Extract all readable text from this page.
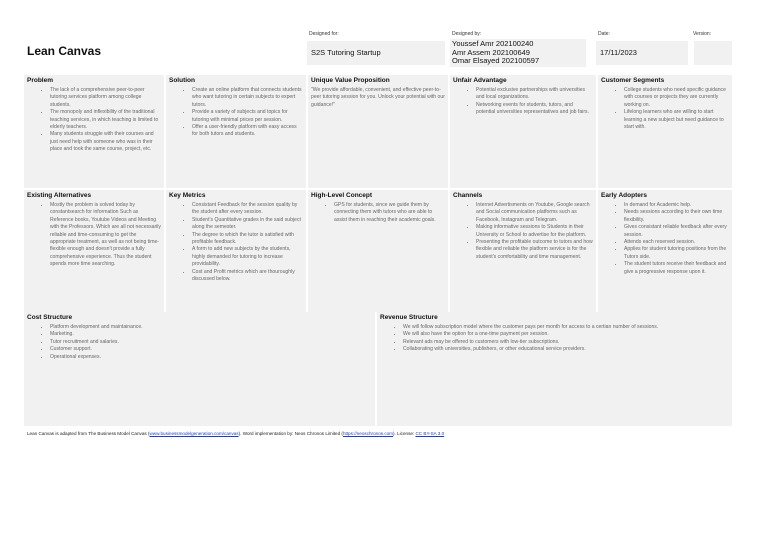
Lean Canvas
Designed for:
S2S Tutoring Startup
Designed by:
Youssef Amr 202100240
Amr Assem 202100649
Omar Elsayed 202100597
Date:
17/11/2023
Version:
Problem
• The lack of a comprehensive peer-to-peer tutoring services platform among college students.
• The monopoly and inflexibility of the traditional teaching services, in which teaching is limited to elderly teachers.
• Many students struggle with their courses and just need help with someone who was in their place and took the same course, project, etc.
Solution
• Create an online platform that connects students who want tutoring in certain subjects to expert tutors.
• Provide a variety of subjects and topics for tutoring with minimal prices per session.
• Offer a user-friendly platform with easy access for both tutors and students.
Unique Value Proposition

"We provide affordable, convenient, and effective peer-to-peer tutoring session for you. Unlock your potential with our guidance!"

Unfair Advantage
• Potential exclusive partnerships with universities and local organizations.
• Networking events for students, tutors, and potential universities representatives and job fairs.
Customer Segments
• College students who need specific guidance with courses or projects they are currently working on.
• Lifelong learners who are willing to start learning a new subject but need guidance to start with.
Existing Alternatives
• Mostly the problem is solved today by constantsearch for information Such as Reference books, Youtube Videos and Meeting with the Professors. Which are all not necessarily reliable and time-consuming to get the appropriate treatment, as well as not being time-flexible enough and doesn't provide a fully comprehensive experience. Thus the student spends more time searching.
Key Metrics
• Consistant Feedback for the session quality by the student after every session.
• Student's Quantitative grades in the said subject along the semester.
• The degree to which the tutor is satisfied with profitable feedback.
• A form to add new subjects by the students, highly demanded for tutoring to increase providability.
• Cost and Profit metrics which are thouroughly discussed below.
High-Level Concept
• GPS for students, since we guide them by connecting them with tutors who are able to assist them in reaching their academic goals.
Channels
• Internet Advertisments on Youtube, Google search and Social communication platforms such as Facebook, Instagram and Telegram.
• Making informative sessions to Students in their University or School to advertise for the platform.
• Presenting the profitable outcome to tutors and how flexible and reliable the platform service is for the student's comfortability and time management.
Early Adopters
• In demand for Academic help.
• Needs sessions according to their own time flexibility.
• Gives consistant reliable feedback after every session.
• Attends each reserved session.
• Applies for student tutoring positions from the Tutors side.
• The student tutors receive their feedback and give a progressive response upon it.
Cost Structure
• Platform development and maintainance.
• Marketing.
• Tutor recruitment and salaries.
• Customer support.
• Operational expenses.
Revenue Structure
• We will follow subscription model where the customer pays per month for access to a certian number of sessions.
• We will also have the option for a one-time payment per session.
• Relevant ads may be offered to customers with low-tier subscriptions.
• Collaborating with universities, publishers, or other educational service providers.
Lean Canvas is adapted from The Business Model Canvas (www.businessmodelgeneration.com/canvas). Word implementation by: Neos Chronos Limited (https://neoschronos.com). License: CC BY-SA 3.0
